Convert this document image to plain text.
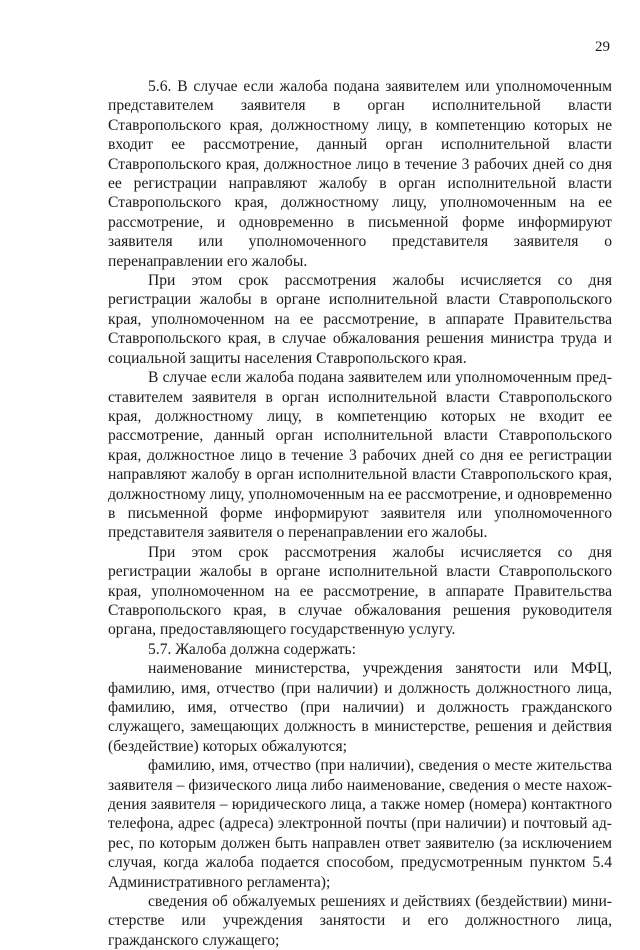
29

5.6. В случае если жалоба подана заявителем или уполномоченным представителем заявителя в орган исполнительной власти Ставропольского края, должностному лицу, в компетенцию которых не входит ее рассмотрение, данный орган исполнительной власти Ставропольского края, должностное лицо в течение 3 рабочих дней со дня ее регистрации направляют жалобу в орган исполнительной власти Ставропольского края, должностному лицу, уполномоченным на ее рассмотрение, и одновременно в письменной форме информируют заявителя или уполномоченного представителя заявителя о перенаправлении его жалобы.

При этом срок рассмотрения жалобы исчисляется со дня регистрации жалобы в органе исполнительной власти Ставропольского края, уполномоченном на ее рассмотрение, в аппарате Правительства Ставропольского края, в случае обжалования решения министра труда и социальной защиты населения Ставропольского края.

В случае если жалоба подана заявителем или уполномоченным представителем заявителя в орган исполнительной власти Ставропольского края, должностному лицу, в компетенцию которых не входит ее рассмотрение, данный орган исполнительной власти Ставропольского края, должностное лицо в течение 3 рабочих дней со дня ее регистрации направляют жалобу в орган исполнительной власти Ставропольского края, должностному лицу, уполномоченным на ее рассмотрение, и одновременно в письменной форме информируют заявителя или уполномоченного представителя заявителя о перенаправлении его жалобы.

При этом срок рассмотрения жалобы исчисляется со дня регистрации жалобы в органе исполнительной власти Ставропольского края, уполномоченном на ее рассмотрение, в аппарате Правительства Ставропольского края, в случае обжалования решения руководителя органа, предоставляющего государственную услугу.

5.7. Жалоба должна содержать:

наименование министерства, учреждения занятости или МФЦ, фамилию, имя, отчество (при наличии) и должность должностного лица, фамилию, имя, отчество (при наличии) и должность гражданского служащего, замещающих должность в министерстве, решения и действия (бездействие) которых обжалуются;

фамилию, имя, отчество (при наличии), сведения о месте жительства заявителя – физического лица либо наименование, сведения о месте нахождения заявителя – юридического лица, а также номер (номера) контактного телефона, адрес (адреса) электронной почты (при наличии) и почтовый адрес, по которым должен быть направлен ответ заявителю (за исключением случая, когда жалоба подается способом, предусмотренным пунктом 5.4 Административного регламента);

сведения об обжалуемых решениях и действиях (бездействии) министерстве или учреждения занятости и его должностного лица, гражданского служащего;
